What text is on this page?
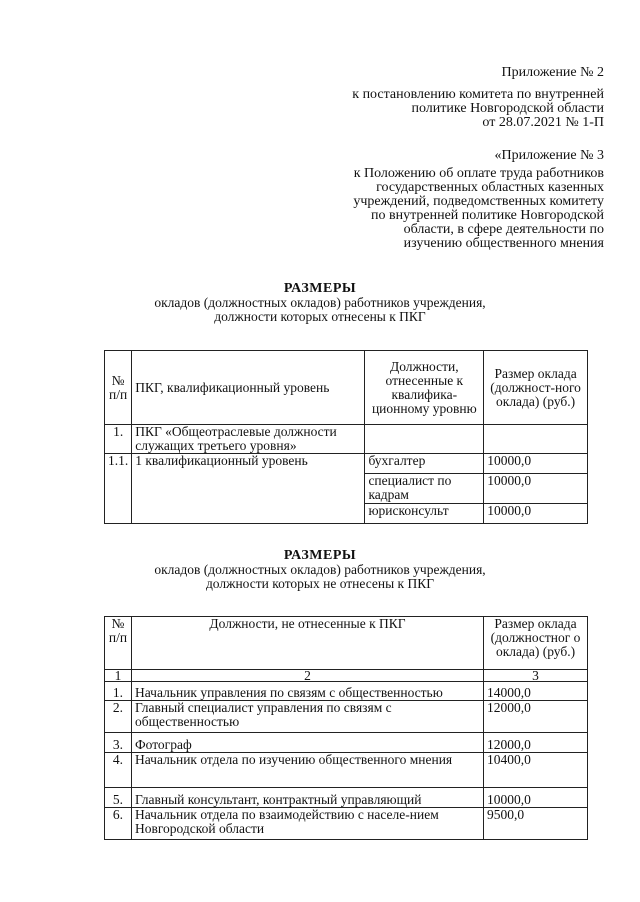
Приложение № 2
к постановлению комитета по внутренней
политике Новгородской области
от 28.07.2021 № 1-П
«Приложение № 3
к Положению об оплате труда работников
государственных областных казенных
учреждений, подведомственных комитету
по внутренней политике Новгородской
области, в сфере деятельности по
изучению общественного мнения
РАЗМЕРЫ
окладов (должностных окладов) работников учреждения,
должности которых отнесены к ПКГ
№ п/п	ПКГ, квалификационный уровень	Должности, отнесенные к квалифика-ционному уровню	Размер оклада (должност-ного оклада) (руб.)
1.	ПКГ «Общеотраслевые должности служащих третьего уровня»		
1.1.	1 квалификационный уровень	бухгалтер	10000,0
		специалист по кадрам	10000,0
		юрисконсульт	10000,0
РАЗМЕРЫ
окладов (должностных окладов) работников учреждения,
должности которых не отнесены к ПКГ
№ п/п	Должности, не отнесенные к ПКГ	Размер оклада (должностног о оклада) (руб.)
1	2	3
1.	Начальник управления по связям с общественностью	14000,0
2.	Главный специалист управления по связям с общественностью	12000,0
3.	Фотограф	12000,0
4.	Начальник отдела по изучению общественного мнения	10400,0
5.	Главный консультант, контрактный управляющий	10000,0
6.	Начальник отдела по взаимодействию с населе-нием Новгородской области	9500,0
